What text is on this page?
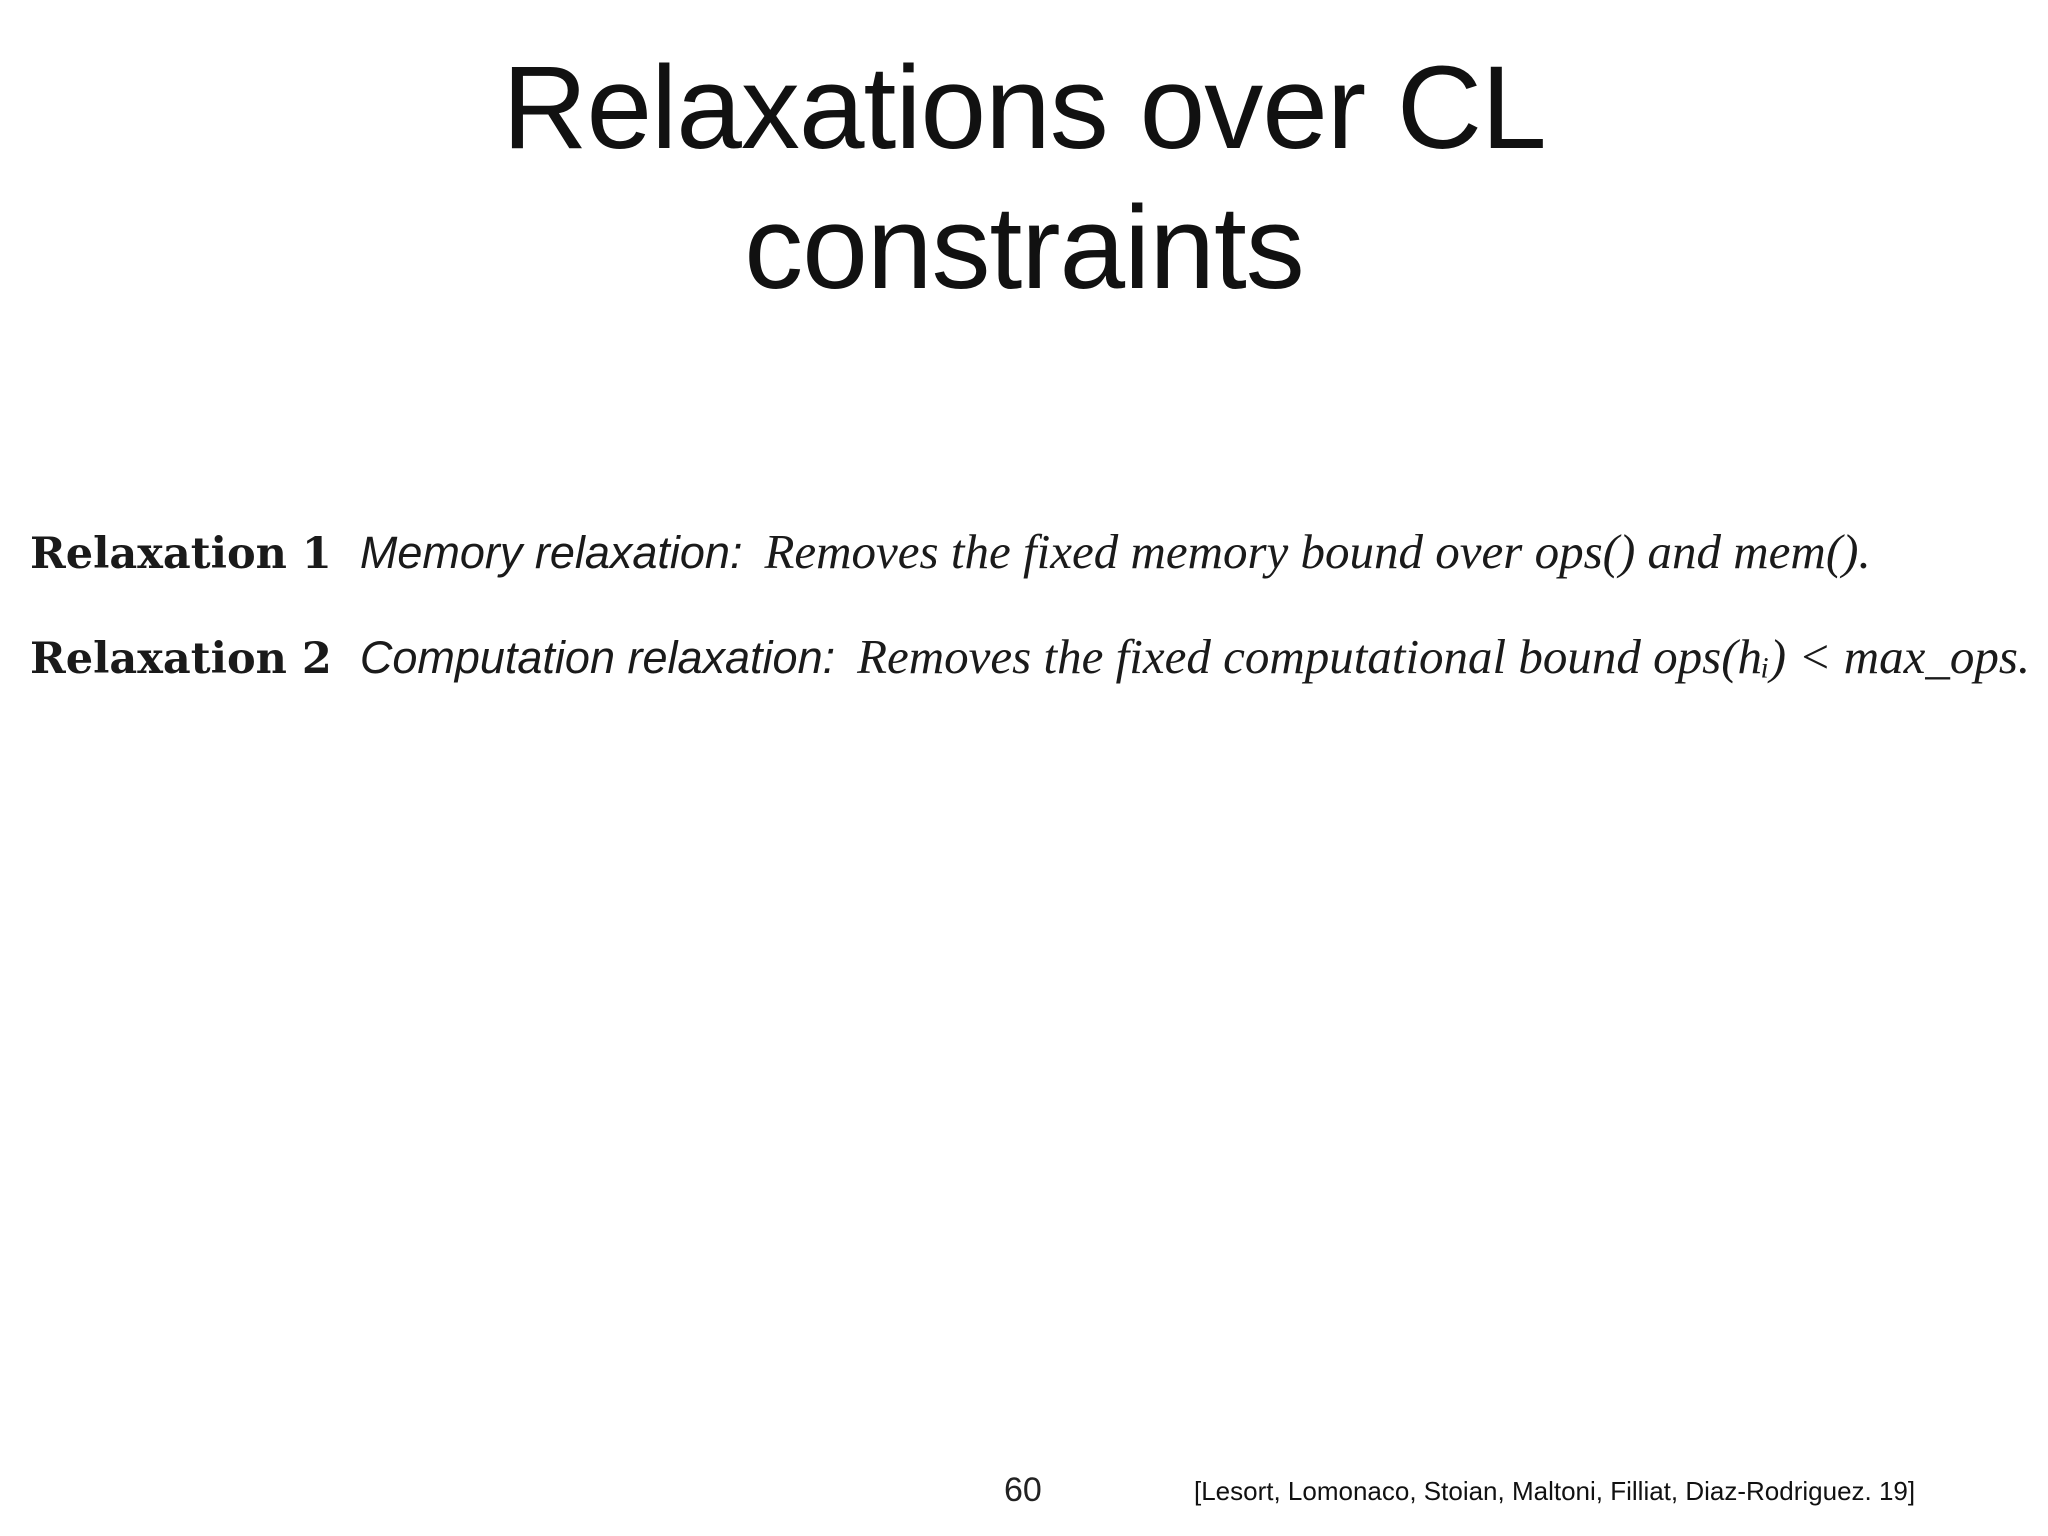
Relaxations over CL
constraints
Relaxation 1 Memory relaxation: Removes the fixed memory bound over ops() and mem().
Relaxation 2 Computation relaxation: Removes the fixed computational bound ops(hᵢ) < max_ops.
60	[Lesort, Lomonaco, Stoian, Maltoni, Filliat, Diaz-Rodriguez. 19]
